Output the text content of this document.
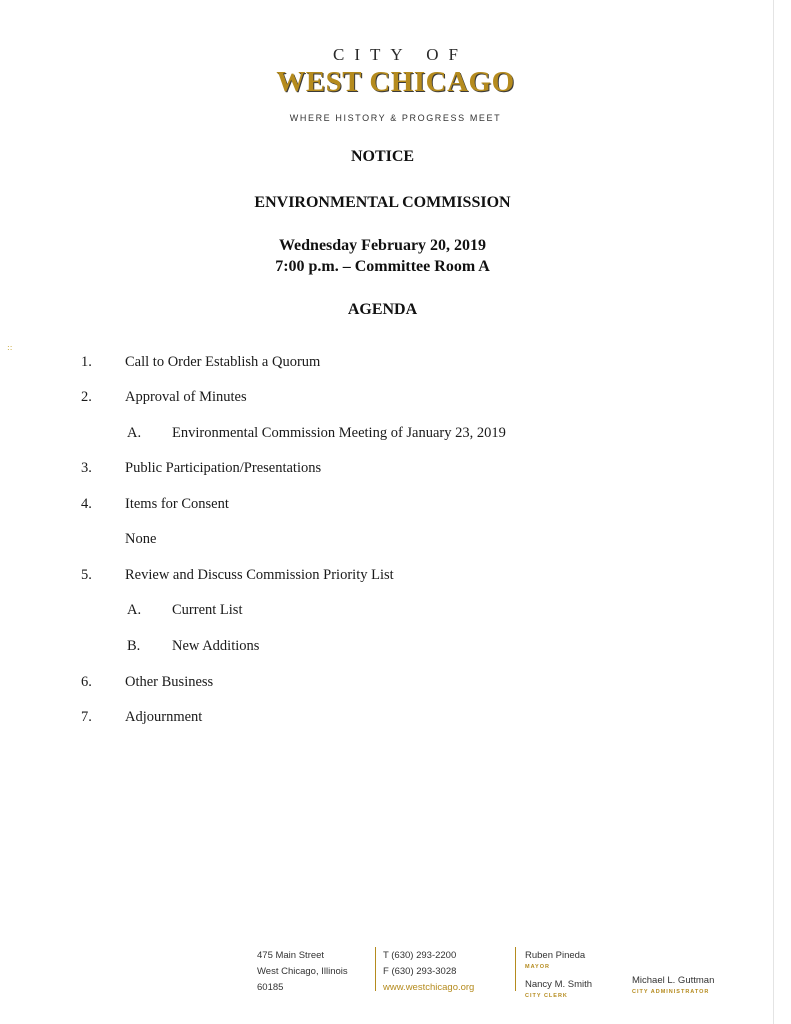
::
CITY OF
WEST CHICAGO
WHERE HISTORY & PROGRESS MEET
NOTICE
ENVIRONMENTAL COMMISSION
Wednesday February 20, 2019
7:00 p.m. – Committee Room A
AGENDA
1. Call to Order Establish a Quorum
2. Approval of Minutes
A. Environmental Commission Meeting of January 23, 2019
3. Public Participation/Presentations
4. Items for Consent
None
5. Review and Discuss Commission Priority List
A. Current List
B. New Additions
6. Other Business
7. Adjournment
475 Main Street
West Chicago, Illinois
60185
T (630) 293-2200
F (630) 293-3028
www.westchicago.org
Ruben Pineda
MAYOR
Nancy M. Smith
CITY CLERK
Michael L. Guttman
CITY ADMINISTRATOR
